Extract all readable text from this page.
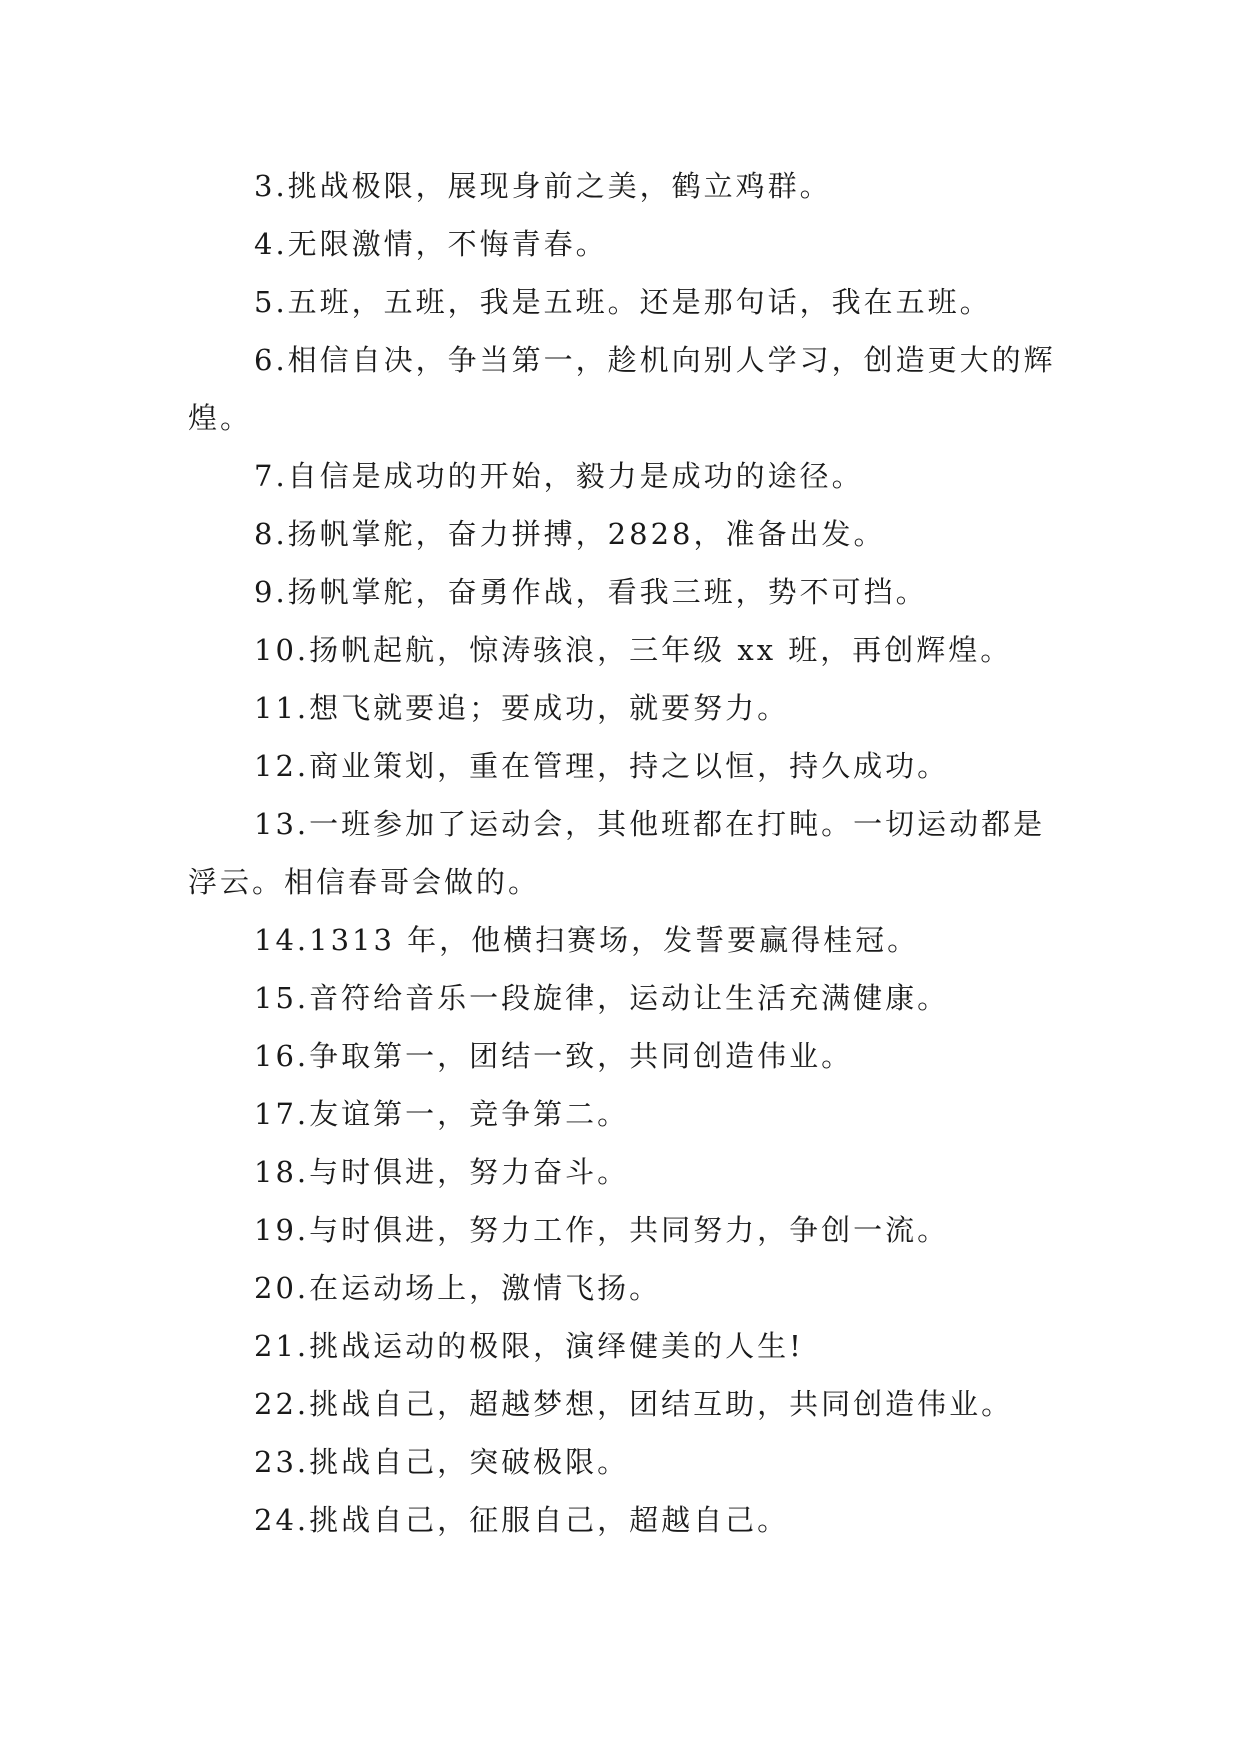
3.挑战极限，展现身前之美，鹤立鸡群。

4.无限激情，不悔青春。

5.五班，五班，我是五班。还是那句话，我在五班。

6.相信自决，争当第一，趁机向别人学习，创造更大的辉煌。

7.自信是成功的开始，毅力是成功的途径。

8.扬帆掌舵，奋力拼搏，2828，准备出发。

9.扬帆掌舵，奋勇作战，看我三班，势不可挡。

10.扬帆起航，惊涛骇浪，三年级 xx 班，再创辉煌。

11.想飞就要追；要成功，就要努力。

12.商业策划，重在管理，持之以恒，持久成功。

13.一班参加了运动会，其他班都在打盹。一切运动都是浮云。相信春哥会做的。

14.1313 年，他横扫赛场，发誓要赢得桂冠。

15.音符给音乐一段旋律，运动让生活充满健康。

16.争取第一，团结一致，共同创造伟业。

17.友谊第一，竞争第二。

18.与时俱进，努力奋斗。

19.与时俱进，努力工作，共同努力，争创一流。

20.在运动场上，激情飞扬。

21.挑战运动的极限，演绎健美的人生!

22.挑战自己，超越梦想，团结互助，共同创造伟业。

23.挑战自己，突破极限。

24.挑战自己，征服自己，超越自己。
